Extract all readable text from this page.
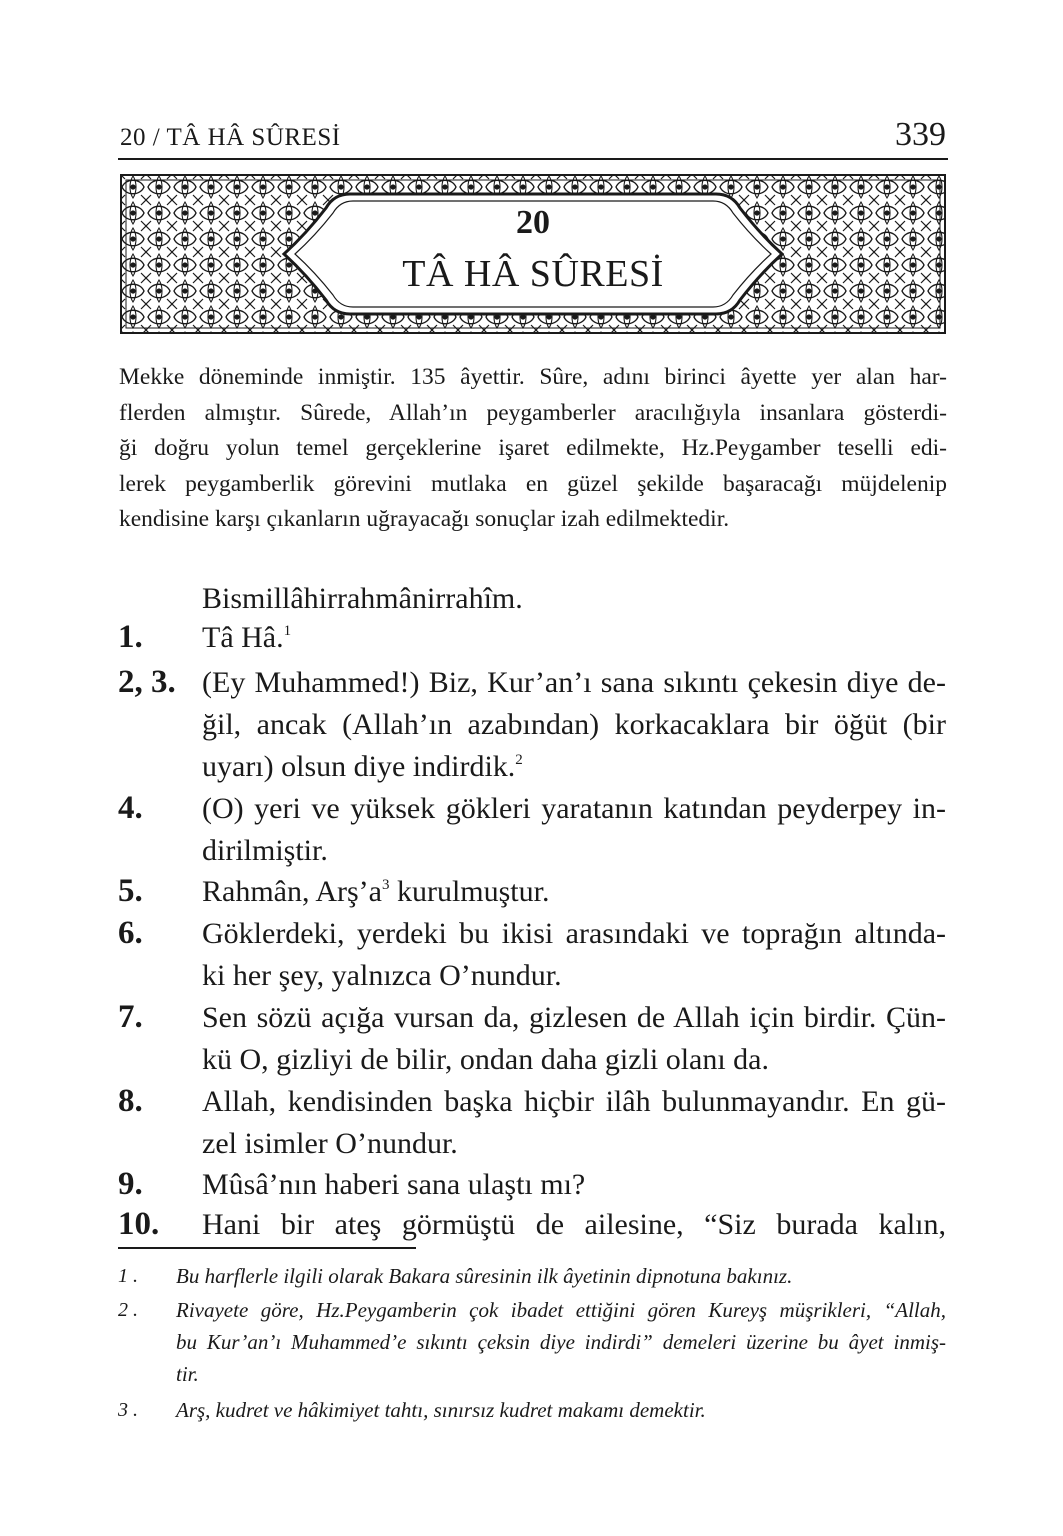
20 / TÂ HÂ SÛRESİ	339
20
TÂ HÂ SÛRESİ
Mekke döneminde inmiştir. 135 âyettir. Sûre, adını birinci âyette yer alan har-
flerden almıştır. Sûrede, Allah’ın peygamberler aracılığıyla insanlara gösterdi-
ği doğru yolun temel gerçeklerine işaret edilmekte, Hz.Peygamber teselli edi-
lerek peygamberlik görevini mutlaka en güzel şekilde başaracağı müjdelenip
kendisine karşı çıkanların uğrayacağı sonuçlar izah edilmektedir.
Bismillâhirrahmânirrahîm.
1. Tâ Hâ.$^1$
2, 3. (Ey Muhammed!) Biz, Kur’an’ı sana sıkıntı çekesin diye de-
ğil, ancak (Allah’ın azabından) korkacaklara bir öğüt (bir
uyarı) olsun diye indirdik.$^2$
4. (O) yeri ve yüksek gökleri yaratanın katından peyderpey in-
dirilmiştir.
5. Rahmân, $Arş’a^3$ kurulmuştur.
6. Göklerdeki, yerdeki bu ikisi arasındaki ve toprağın altında-
ki her şey, yalnızca O’nundur.
7. Sen sözü açığa vursan da, gizlesen de Allah için birdir. Çün-
kü O, gizliyi de bilir, ondan daha gizli olanı da.
8. Allah, kendisinden başka hiçbir ilâh bulunmayandır. En gü-
zel isimler O’nundur.
9. Mûsâ’nın haberi sana ulaştı mı?
10. Hani bir ateş görmüştü de ailesine, “Siz burada kalın,
1 . Bu harflerle ilgili olarak Bakara sûresinin ilk âyetinin dipnotuna bakınız.
2 . Rivayete göre, Hz.Peygamberin çok ibadet ettiğini gören Kureyş müşrikleri, “Allah,
bu Kur’an’ı Muhammed’e sıkıntı çeksin diye indirdi” demeleri üzerine bu âyet inmiş-
tir.
3 . Arş, kudret ve hâkimiyet tahtı, sınırsız kudret makamı demektir.
